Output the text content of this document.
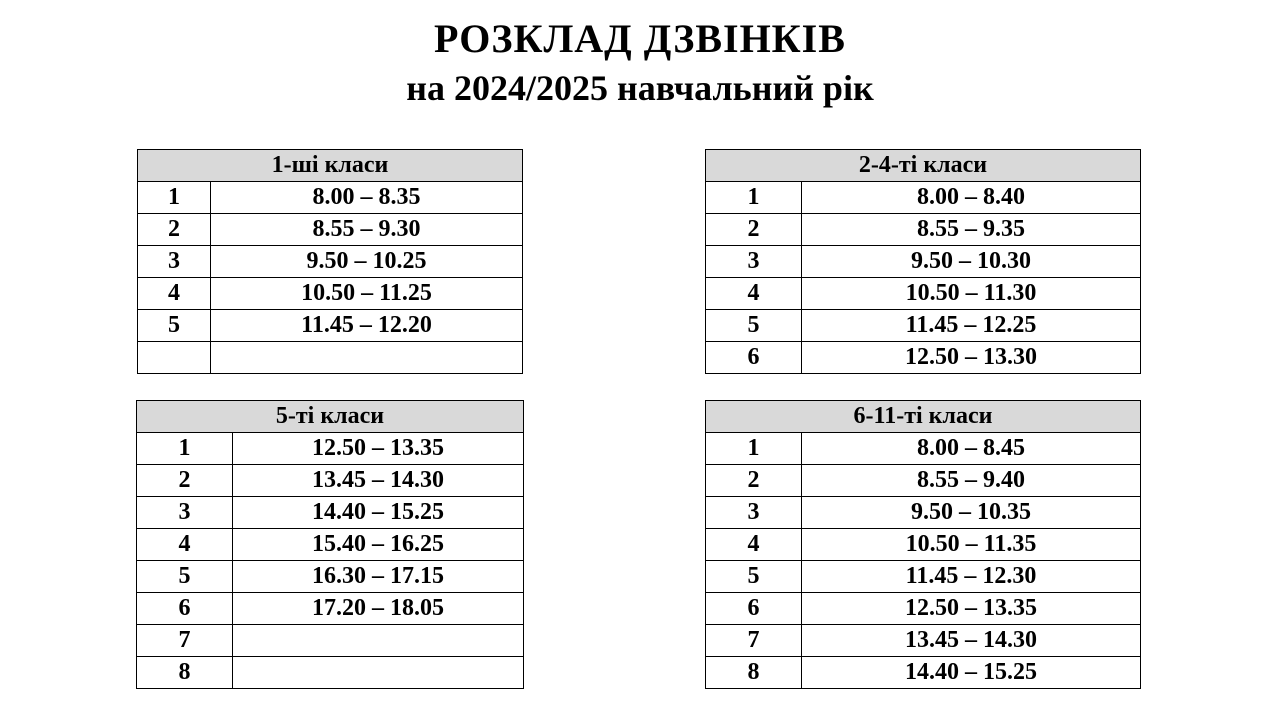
РОЗКЛАД ДЗВІНКІВ
на 2024/2025 навчальний рік
1-ші класи	
1	8.00 – 8.35
2	8.55 – 9.30
3	9.50 – 10.25
4	10.50 – 11.25
5	11.45 – 12.20

2-4-ті класи	
1	8.00 – 8.40
2	8.55 – 9.35
3	9.50 – 10.30
4	10.50 – 11.30
5	11.45 – 12.25
6	12.50 – 13.30
5-ті класи	
1	12.50 – 13.35
2	13.45 – 14.30
3	14.40 – 15.25
4	15.40 – 16.25
5	16.30 – 17.15
6	17.20 – 18.05
7	
8	
6-11-ті класи	
1	8.00 – 8.45
2	8.55 – 9.40
3	9.50 – 10.35
4	10.50 – 11.35
5	11.45 – 12.30
6	12.50 – 13.35
7	13.45 – 14.30
8	14.40 – 15.25
